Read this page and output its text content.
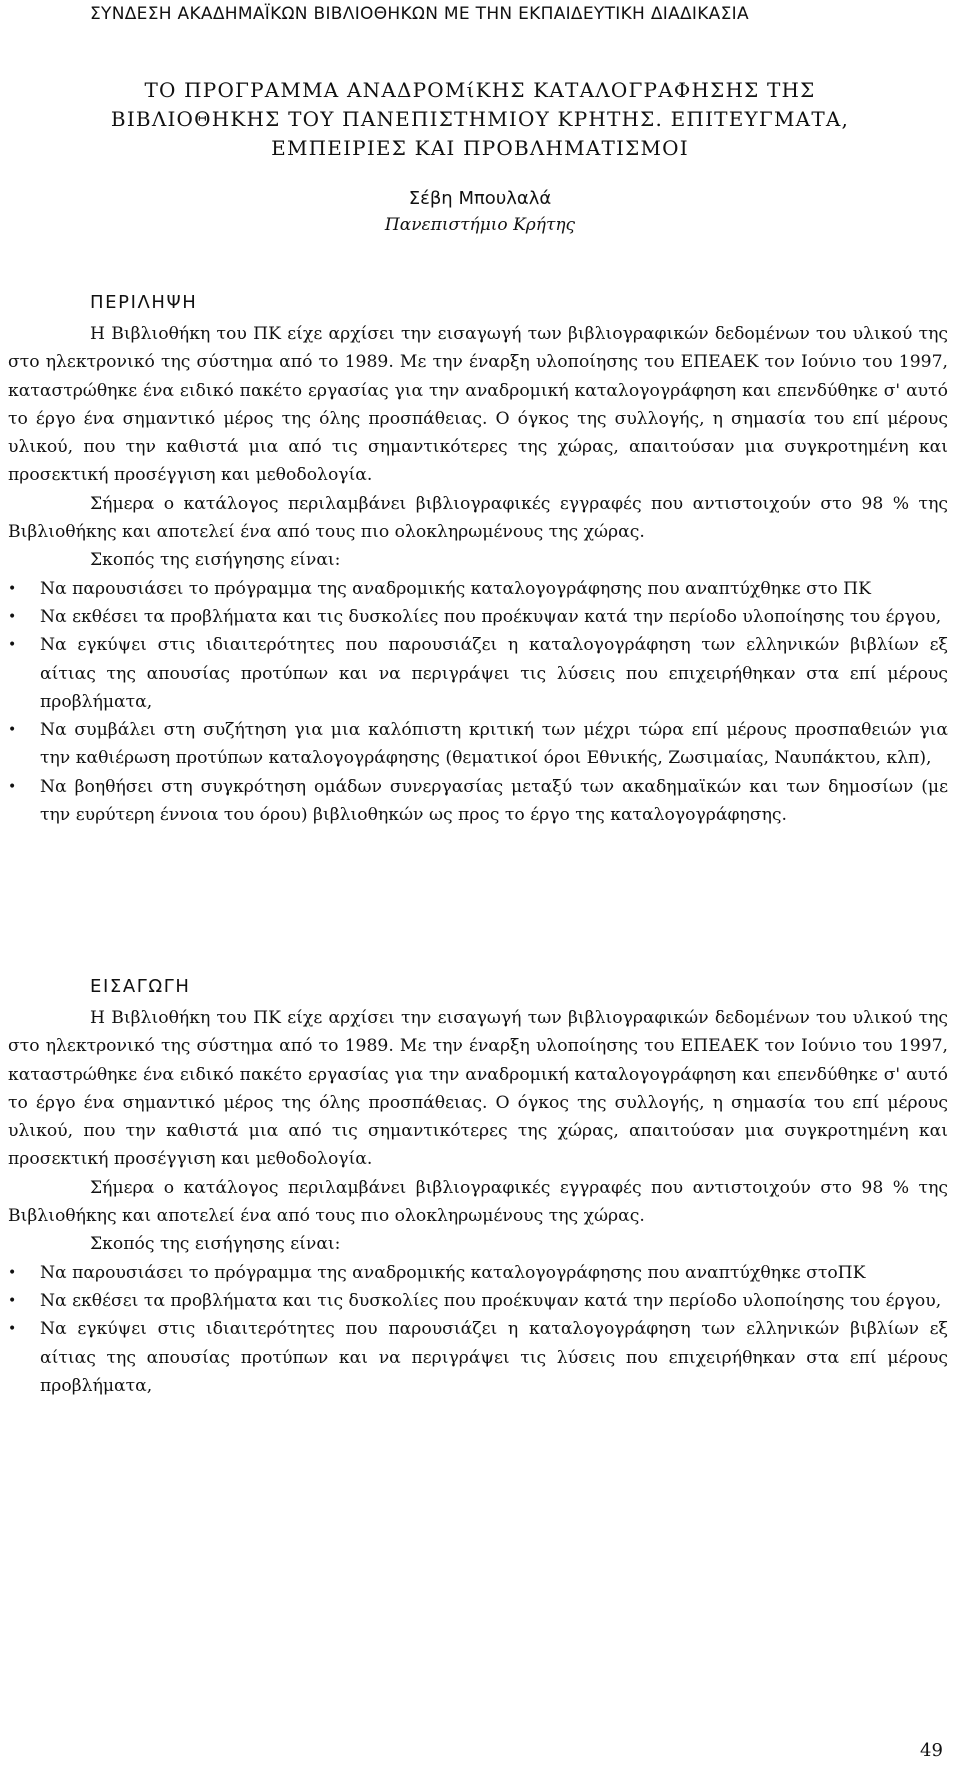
ΣΥΝΔΕΣΗ ΑΚΑΔΗΜΑΪΚΩΝ ΒΙΒΛΙΟΘΗΚΩΝ ΜΕ ΤΗΝ ΕΚΠΑΙΔΕΥΤΙΚΗ ΔΙΑΔΙΚΑΣΙΑ
ΤΟ ΠΡΟΓΡΑΜΜΑ ΑΝΑΔΡΟΜίΚΗΣ ΚΑΤΑΛΟΓΡΑΦΗΣΗΣ ΤΗΣ
ΒΙΒΛΙΟΘΗΚΗΣ ΤΟΥ ΠΑΝΕΠΙΣΤΗΜΙΟΥ ΚΡΗΤΗΣ. ΕΠΙΤΕΥΓΜΑΤΑ,
ΕΜΠΕΙΡΙΕΣ ΚΑΙ ΠΡΟΒΛΗΜΑΤΙΣΜΟΙ
Σέβη Μπουλαλά
Πανεπιστήμιο Κρήτης
ΠΕΡΙΛΗΨΗ

Η Βιβλιοθήκη του ΠΚ είχε αρχίσει την εισαγωγή των βιβλιογραφικών δεδομένων του υλικού της στο ηλεκτρονικό της σύστημα από το 1989. Με την έναρξη υλοποίησης του ΕΠΕΑΕΚ τον Ιούνιο του 1997, καταστρώθηκε ένα ειδικό πακέτο εργασίας για την αναδρομική καταλογογράφηση και επενδύθηκε σ' αυτό το έργο ένα σημαντικό μέρος της όλης προσπάθειας. Ο όγκος της συλλογής, η σημασία του επί μέρους υλικού, που την καθιστά μια από τις σημαντικότερες της χώρας, απαιτούσαν μια συγκροτημένη και προσεκτική προσέγγιση και μεθοδολογία.

Σήμερα ο κατάλογος περιλαμβάνει βιβλιογραφικές εγγραφές που αντιστοιχούν στο 98 % της Βιβλιοθήκης και αποτελεί ένα από τους πιο ολοκληρωμένους της χώρας.

Σκοπός της εισήγησης είναι:

• Να παρουσιάσει το πρόγραμμα της αναδρομικής καταλογογράφησης που αναπτύχθηκε στο ΠΚ
• Να εκθέσει τα προβλήματα και τις δυσκολίες που προέκυψαν κατά την περίοδο υλοποίησης του έργου,
• Να εγκύψει στις ιδιαιτερότητες που παρουσιάζει η καταλογογράφηση των ελληνικών βιβλίων εξ αίτιας της απουσίας προτύπων και να περιγράψει τις λύσεις που επιχειρήθηκαν στα επί μέρους προβλήματα,
• Να συμβάλει στη συζήτηση για μια καλόπιστη κριτική των μέχρι τώρα επί μέρους προσπαθειών για την καθιέρωση προτύπων καταλογογράφησης (θεματικοί όροι Εθνικής, Ζωσιμαίας, Ναυπάκτου, κλπ),
• Να βοηθήσει στη συγκρότηση ομάδων συνεργασίας μεταξύ των ακαδημαϊκών και των δημοσίων (με την ευρύτερη έννοια του όρου) βιβλιοθηκών ως προς το έργο της καταλογογράφησης.
ΕΙΣΑΓΩΓΗ

Η Βιβλιοθήκη του ΠΚ είχε αρχίσει την εισαγωγή των βιβλιογραφικών δεδομένων του υλικού της στο ηλεκτρονικό της σύστημα από το 1989. Με την έναρξη υλοποίησης του ΕΠΕΑΕΚ τον Ιούνιο του 1997, καταστρώθηκε ένα ειδικό πακέτο εργασίας για την αναδρομική καταλογογράφηση και επενδύθηκε σ' αυτό το έργο ένα σημαντικό μέρος της όλης προσπάθειας. Ο όγκος της συλλογής, η σημασία του επί μέρους υλικού, που την καθιστά μια από τις σημαντικότερες της χώρας, απαιτούσαν μια συγκροτημένη και προσεκτική προσέγγιση και μεθοδολογία.

Σήμερα ο κατάλογος περιλαμβάνει βιβλιογραφικές εγγραφές που αντιστοιχούν στο 98 % της Βιβλιοθήκης και αποτελεί ένα από τους πιο ολοκληρωμένους της χώρας.

Σκοπός της εισήγησης είναι:

• Να παρουσιάσει το πρόγραμμα της αναδρομικής καταλογογράφησης που αναπτύχθηκε στοΠΚ
• Να εκθέσει τα προβλήματα και τις δυσκολίες που προέκυψαν κατά την περίοδο υλοποίησης του έργου,
• Να εγκύψει στις ιδιαιτερότητες που παρουσιάζει η καταλογογράφηση των ελληνικών βιβλίων εξ αίτιας της απουσίας προτύπων και να περιγράψει τις λύσεις που επιχειρήθηκαν στα επί μέρους προβλήματα,
49
